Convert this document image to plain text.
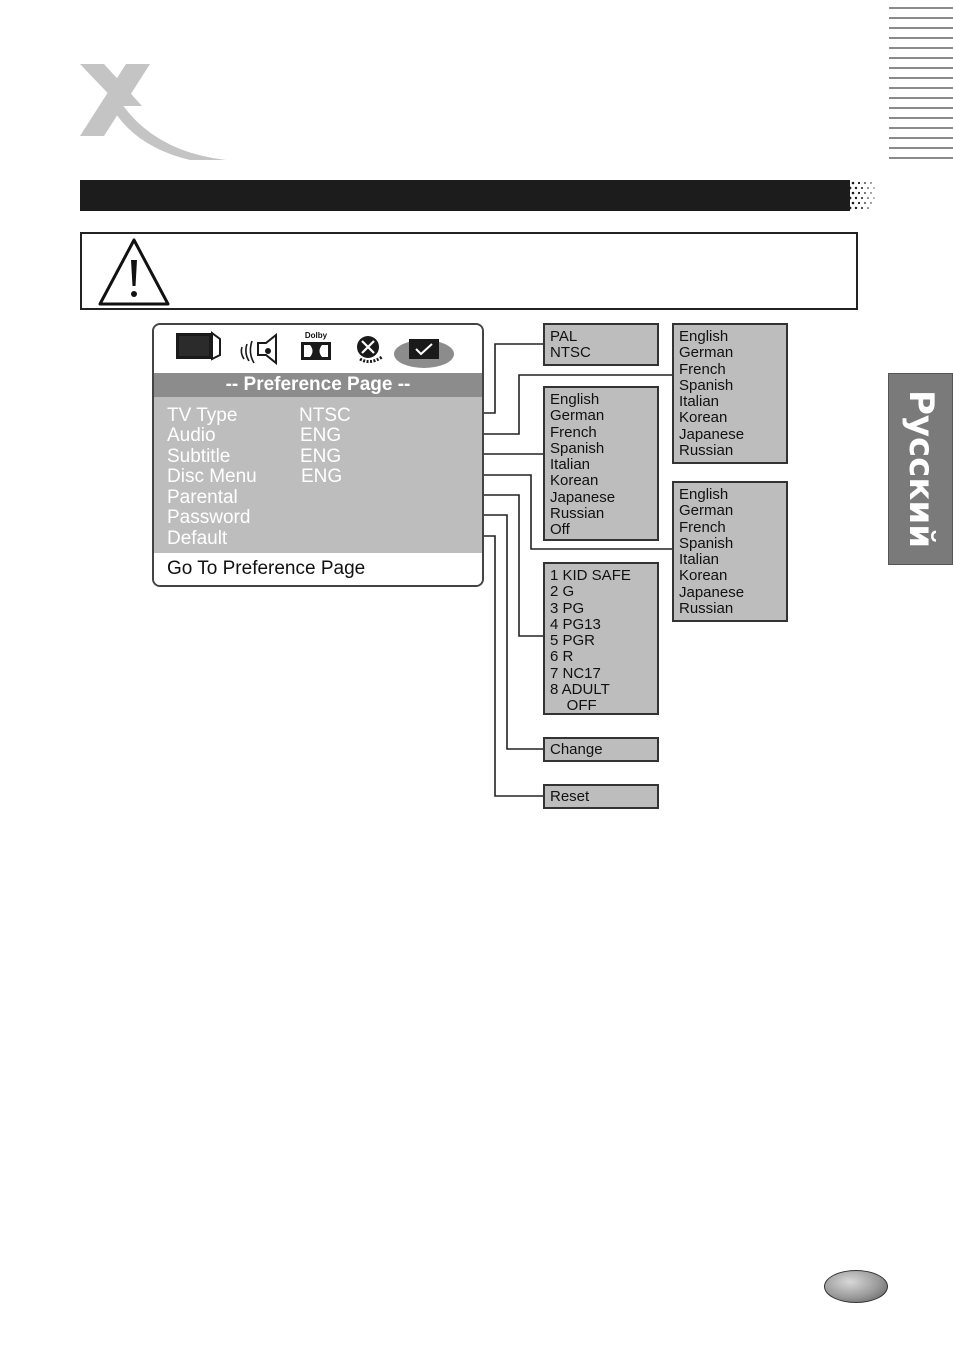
Русский
Dolby
-- Preference Page --
TV Type	NTSC
Audio	ENG
Subtitle	ENG
Disc Menu ENG
Parental
Password
Default
Go To Preference Page
PAL
NTSC
English
German
French
Spanish
Italian
Korean
Japanese
Russian
Off
1 KID SAFE
2 G
3 PG
4 PG13
5 PGR
6 R
7 NC17
8 ADULT
OFF
Change
Reset
English
German
French
Spanish
Italian
Korean
Japanese
Russian
English
German
French
Spanish
Italian
Korean
Japanese
Russian
